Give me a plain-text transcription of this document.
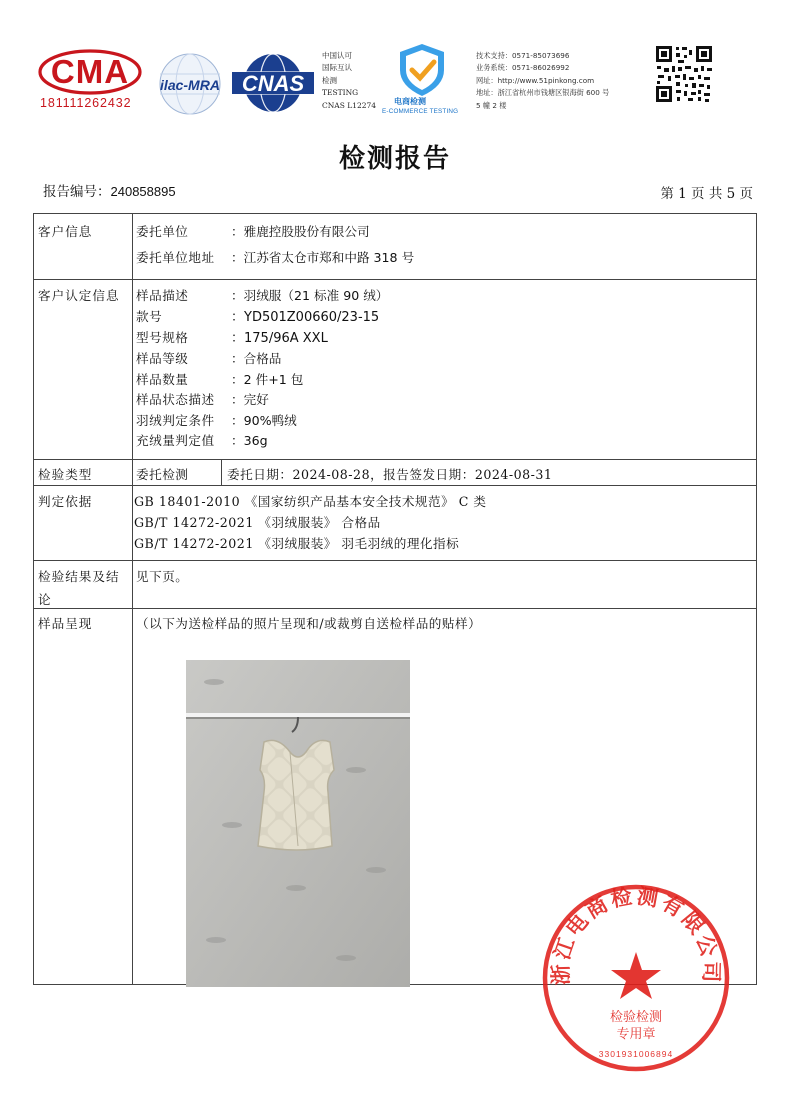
CMA
181111262432
ilac-MRA CNAS
中国认可
国际互认
检测
TESTING
CNAS L12274	电商检测
E-COMMERCE TESTING
技术支持：0571-85073696
业务系统：0571-86026992
网址：http://www.51pinkong.com
地址：浙江省杭州市钱塘区银海街 600 号
5 幢 2 楼
检测报告
报告编号：240858895	第 1 页 共 5 页
客户信息	委托单位	：雅鹿控股股份有限公司
委托单位地址 ：江苏省太仓市郑和中路 318 号
客户认定信息 样品描述	：羽绒服（21 标准 90 绒）
款号	：YD501Z00660/23-15
型号规格	：175/96A XXL
样品等级	：合格品
样品数量	：2 件+1 包
样品状态描述 ：完好
羽绒判定条件 ：90%鸭绒
充绒量判定值 ：36g
检验类型	委托检测	委托日期：2024-08-28，报告签发日期：2024-08-31
判定依据	GB 18401-2010 《国家纺织产品基本安全技术规范》 C 类
GB/T 14272-2021 《羽绒服装》 合格品
GB/T 14272-2021 《羽绒服装》 羽毛羽绒的理化指标
检验结果及结
论
见下页。
样品呈现	（以下为送检样品的照片呈现和/或裁剪自送检样品的贴样）
浙江电商检测有限公司
检验检测
专用章
3301931006894
